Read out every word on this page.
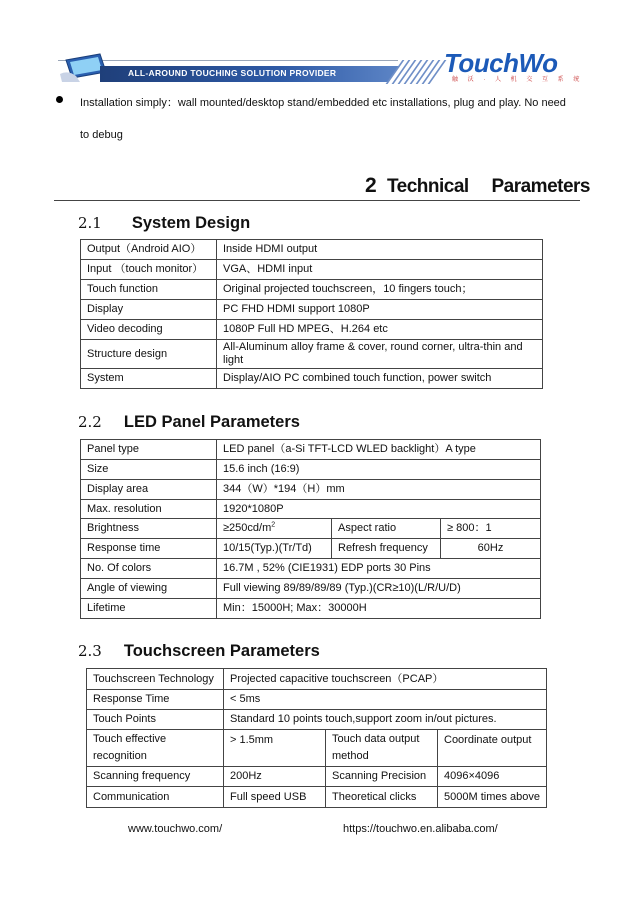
ALL-AROUND TOUCHING SOLUTION PROVIDER	TouchWo
触 沃 · 人 机 交 互 系 统
Installation simply：wall mounted/desktop stand/embedded etc installations, plug and play. No need
to debug
2 Technical Parameters
2.1 System Design
Output（Android AIO）	Inside HDMI output
Input （touch monitor）	VGA、HDMI input
Touch function	Original projected touchscreen，10 fingers touch；
Display	PC FHD HDMI support 1080P
Video decoding	1080P Full HD MPEG、H.264 etc
Structure design	All-Aluminum alloy frame & cover, round corner, ultra-thin and light
System	Display/AIO PC combined touch function, power switch
2.2 LED Panel Parameters
Panel type	LED panel（a-Si TFT-LCD WLED backlight）A type		
Size	15.6 inch (16:9)		
Display area	344（W）*194（H）mm		
Max. resolution	1920*1080P		
Brightness	$\ge 250cd/m^2$	Aspect ratio	≥ 800：1
Response time	10/15(Typ.)(Tr/Td)	Refresh frequency	60Hz
No. Of colors	16.7M , 52% (CIE1931) EDP ports 30 Pins		
Angle of viewing	Full viewing 89/89/89/89 (Typ.)(CR≥10)(L/R/U/D)		
Lifetime	Min：15000H; Max：30000H		
2.3 Touchscreen Parameters
Touchscreen Technology	Projected capacitive touchscreen（PCAP）		
Response Time	< 5ms		
Touch Points	Standard 10 points touch,support zoom in/out pictures.		
Touch effective recognition	> 1.5mm	Touch data output method	Coordinate output
Scanning frequency	200Hz	Scanning Precision	4096×4096
Communication	Full speed USB	Theoretical clicks	5000M times above
www.touchwo.com/	https://touchwo.en.alibaba.com/
